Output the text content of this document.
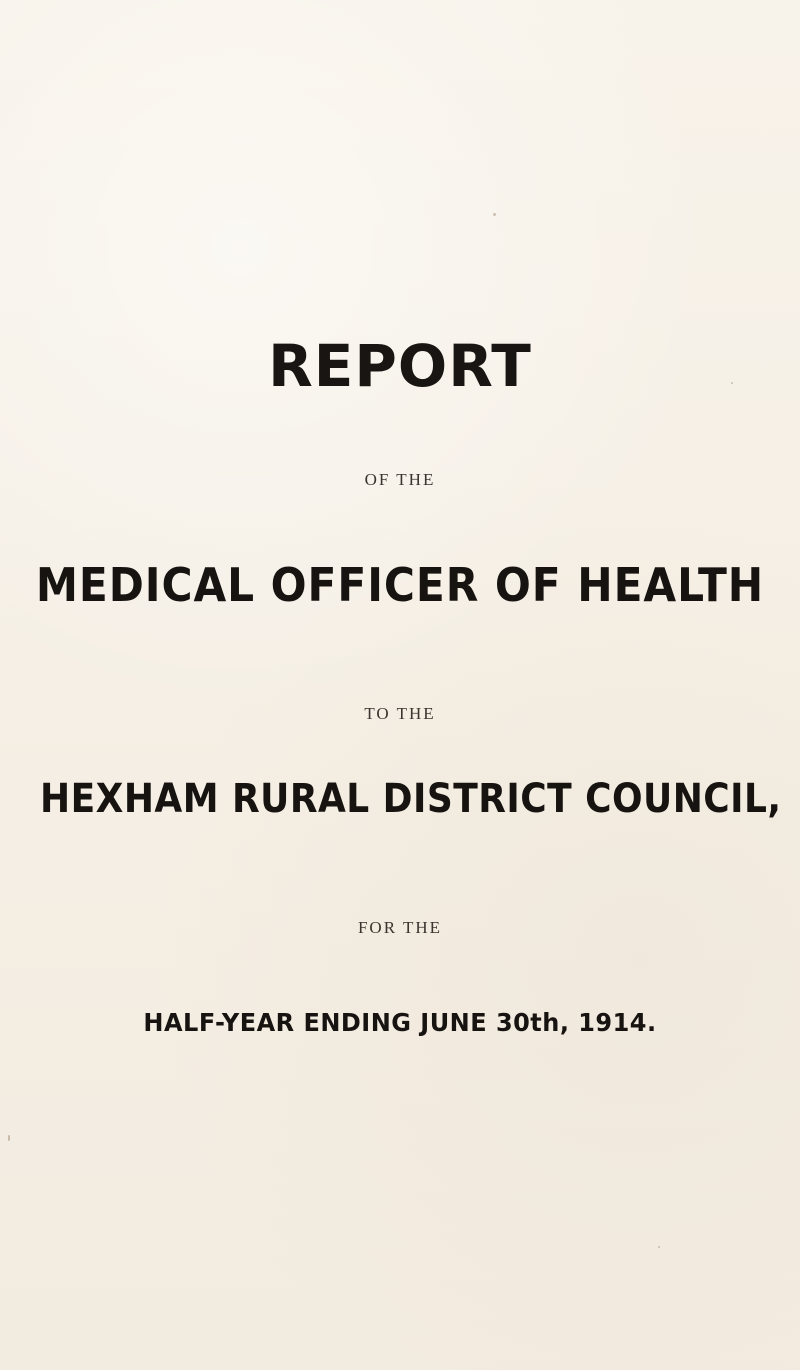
REPORT
OF THE
MEDICAL OFFICER OF HEALTH
TO THE
HEXHAM RURAL DISTRICT COUNCIL,
FOR THE
HALF-YEAR ENDING JUNE 30th, 1914.
